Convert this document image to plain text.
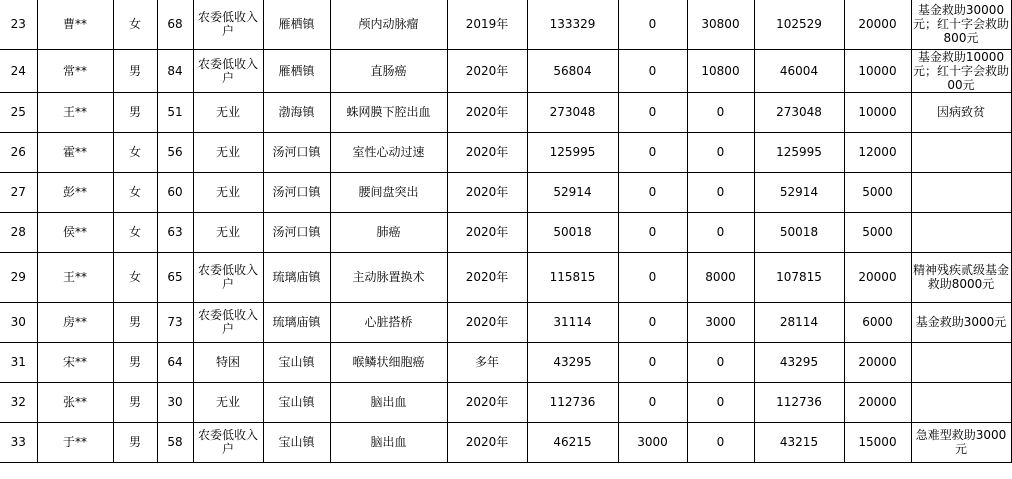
23	曹**	女	68	农委低收入户	雁栖镇	颅内动脉瘤	2019年	133329	0	30800	102529	20000	基金救助30000元；红十字会救助800元
24	常**	男	84	农委低收入户	雁栖镇	直肠癌	2020年	56804	0	10800	46004	10000	基金救助10000元；红十字会救助00元
25	王**	男	51	无业	渤海镇	蛛网膜下腔出血	2020年	273048	0	0	273048	10000	因病致贫
26	霍**	女	56	无业	汤河口镇	室性心动过速	2020年	125995	0	0	125995	12000	
27	彭**	女	60	无业	汤河口镇	腰间盘突出	2020年	52914	0	0	52914	5000	
28	侯**	女	63	无业	汤河口镇	肺癌	2020年	50018	0	0	50018	5000	
29	王**	女	65	农委低收入户	琉璃庙镇	主动脉置换术	2020年	115815	0	8000	107815	20000	精神残疾贰级基金救助8000元
30	房**	男	73	农委低收入户	琉璃庙镇	心脏搭桥	2020年	31114	0	3000	28114	6000	基金救助3000元
31	宋**	男	64	特困	宝山镇	喉鳞状细胞癌	多年	43295	0	0	43295	20000	
32	张**	男	30	无业	宝山镇	脑出血	2020年	112736	0	0	112736	20000	
33	于**	男	58	农委低收入户	宝山镇	脑出血	2020年	46215	3000	0	43215	15000	急难型救助3000元
